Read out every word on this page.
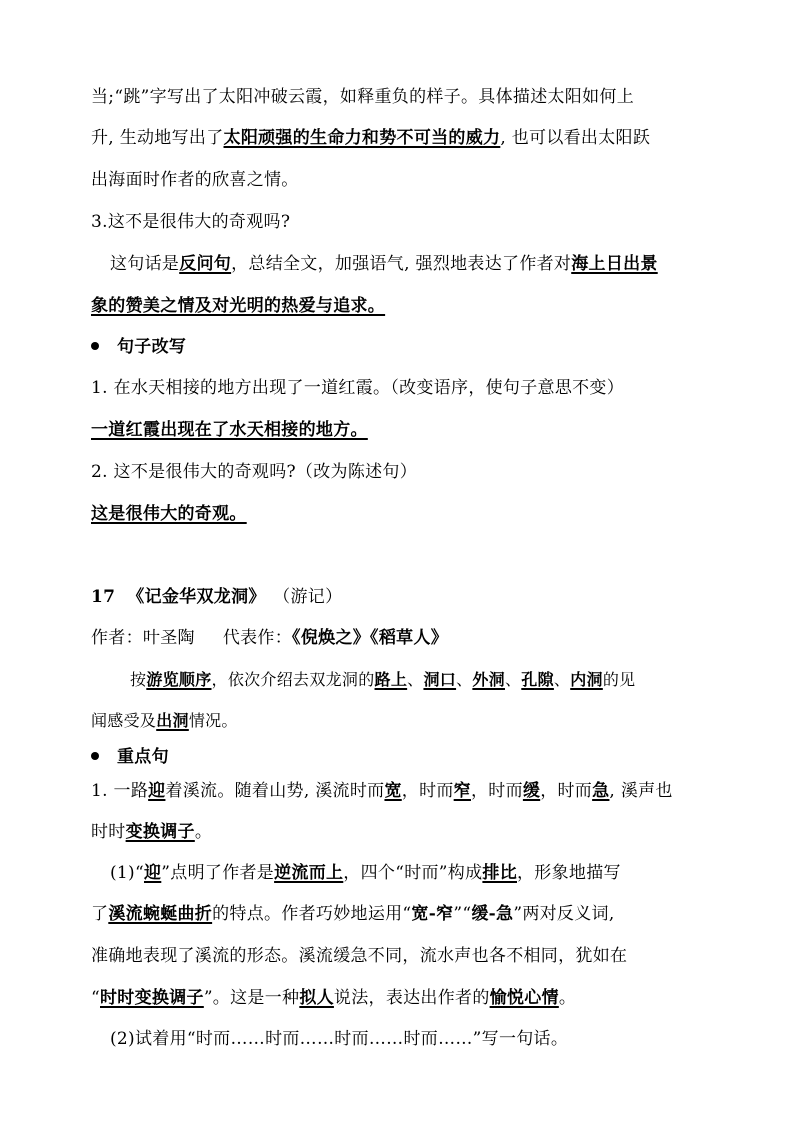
当;“跳”字写出了太阳冲破云霞，如释重负的样子。具体描述太阳如何上
升, 生动地写出了太阳顽强的生命力和势不可当的威力, 也可以看出太阳跃
出海面时作者的欣喜之情。
3.这不是很伟大的奇观吗?
这句话是反问句，总结全文，加强语气, 强烈地表达了作者对海上日出景
象的赞美之情及对光明的热爱与追求。
句子改写
1. 在水天相接的地方出现了一道红霞。（改变语序，使句子意思不变）
一道红霞出现在了水天相接的地方。
2. 这不是很伟大的奇观吗?（改为陈述句）
这是很伟大的奇观。
17 《记金华双龙洞》 （游记）
作者：叶圣陶 代表作：《倪焕之》《稻草人》
按游览顺序，依次介绍去双龙洞的路上、洞口、外洞、孔隙、内洞的见
闻感受及出洞情况。
重点句
1. 一路迎着溪流。随着山势, 溪流时而宽，时而窄，时而缓，时而急, 溪声也
时时变换调子。
(1)“迎”点明了作者是逆流而上，四个“时而”构成排比，形象地描写
了溪流蜿蜒曲折的特点。作者巧妙地运用“宽-窄”“缓-急”两对反义词,
准确地表现了溪流的形态。溪流缓急不同，流水声也各不相同，犹如在
“时时变换调子”。这是一种拟人说法，表达出作者的愉悦心情。
(2)试着用“时而……时而……时而……时而……”写一句话。
